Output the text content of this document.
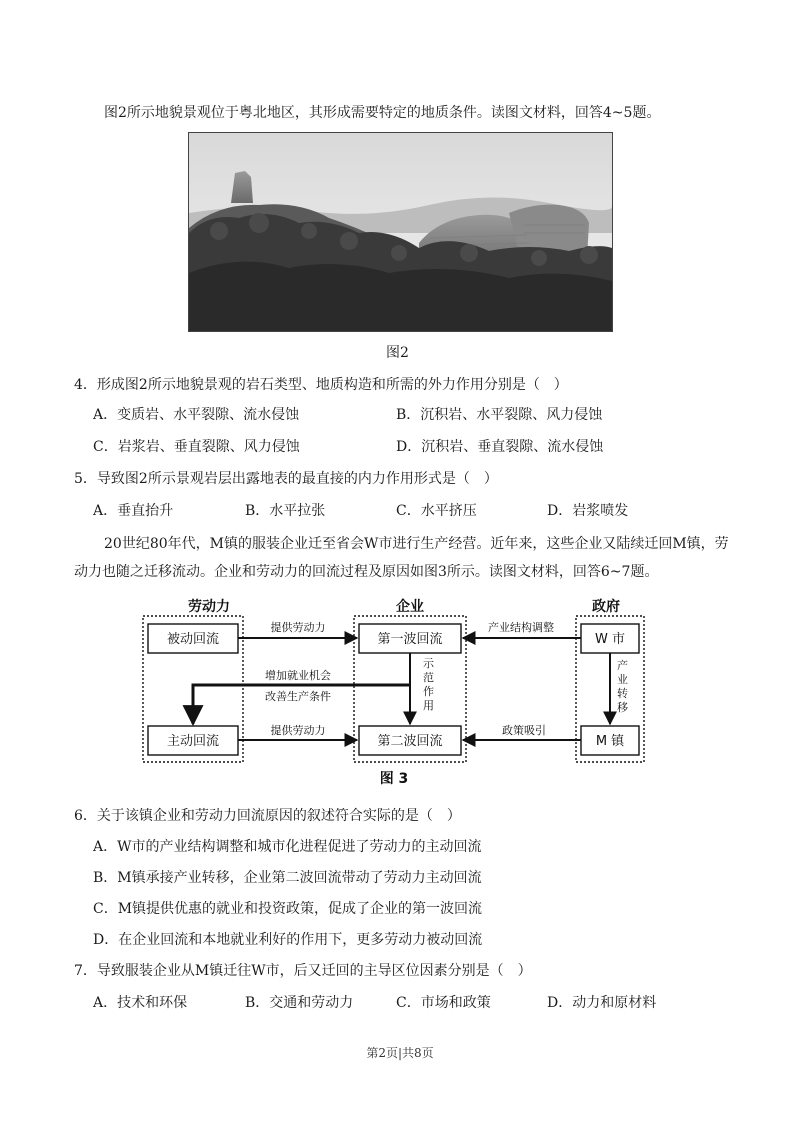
图2所示地貌景观位于粤北地区，其形成需要特定的地质条件。读图文材料，回答4~5题。
图2
4．形成图2所示地貌景观的岩石类型、地质构造和所需的外力作用分别是（　）
A．变质岩、水平裂隙、流水侵蚀	B．沉积岩、水平裂隙、风力侵蚀
C．岩浆岩、垂直裂隙、风力侵蚀	D．沉积岩、垂直裂隙、流水侵蚀
5．导致图2所示景观岩层出露地表的最直接的内力作用形式是（　）
A．垂直抬升	B．水平拉张	C．水平挤压	D．岩浆喷发
20世纪80年代，M镇的服装企业迁至省会W市进行生产经营。近年来，这些企业又陆续迁回M镇，劳
动力也随之迁移流动。企业和劳动力的回流过程及原因如图3所示。读图文材料，回答6~7题。
劳动力	企业	政府
被动回流
主动回流
第一波回流
第二波回流
W 市
M 镇
提供劳动力	产业结构调整
提供劳动力	政策吸引
示
范
作
用
产
业
转
移
增加就业机会
改善生产条件
图 3
6．关于该镇企业和劳动力回流原因的叙述符合实际的是（　）
A．W市的产业结构调整和城市化进程促进了劳动力的主动回流
B．M镇承接产业转移，企业第二波回流带动了劳动力主动回流
C．M镇提供优惠的就业和投资政策，促成了企业的第一波回流
D．在企业回流和本地就业利好的作用下，更多劳动力被动回流
7．导致服装企业从M镇迁往W市，后又迁回的主导区位因素分别是（　）
A．技术和环保	B．交通和劳动力	C．市场和政策	D．动力和原材料
第2页|共8页
